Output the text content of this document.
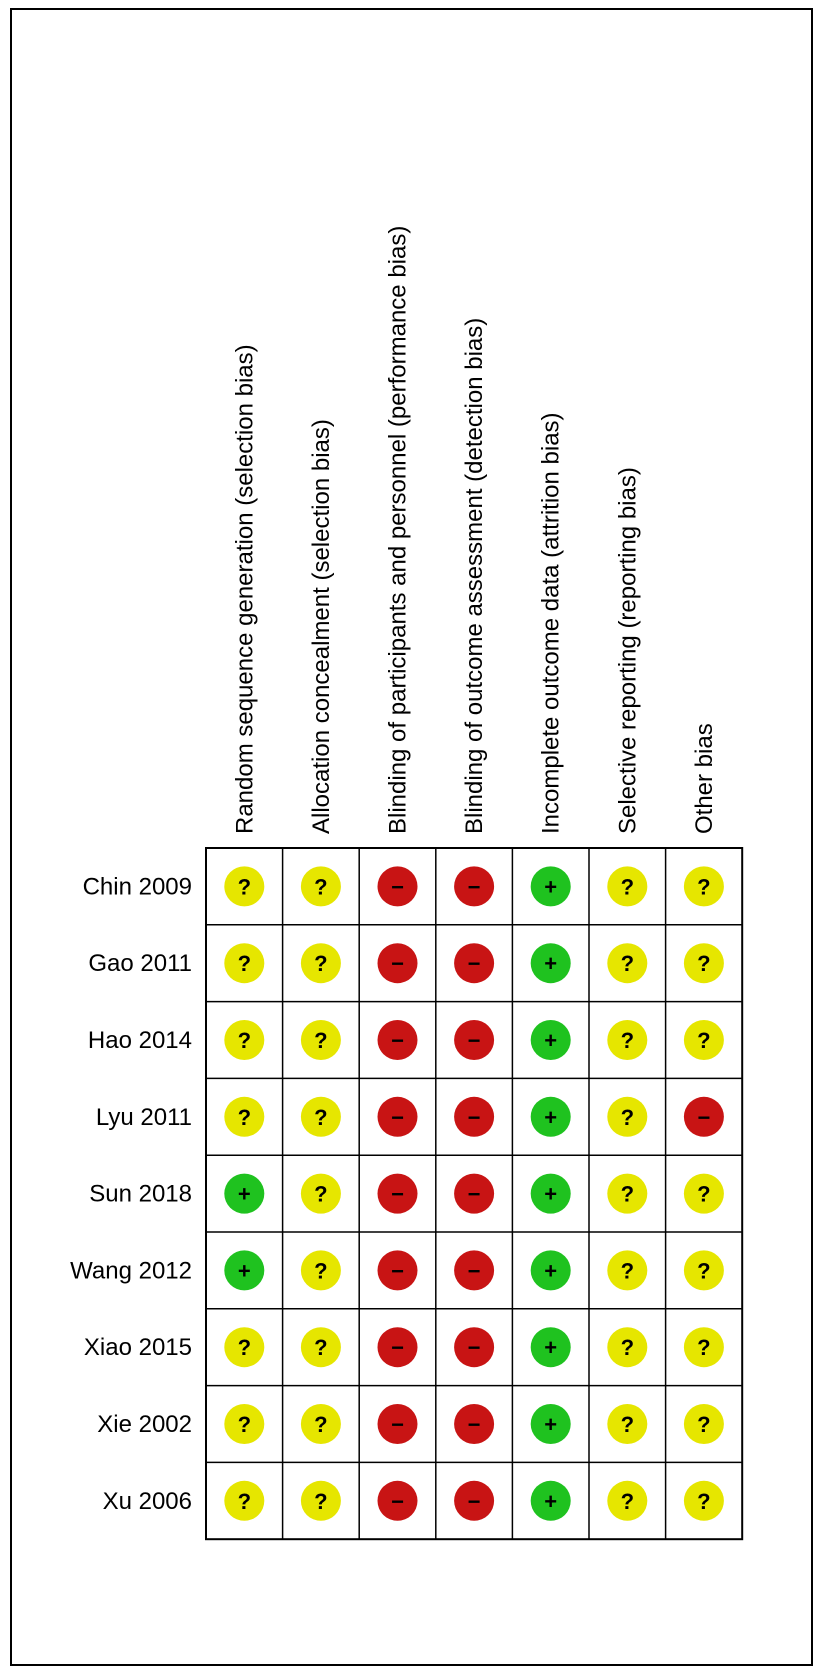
Random sequence generation (selection bias) Allocation concealment (selection bias) Blinding of participants and personnel (performance bias) Blinding of outcome assessment (detection bias) Incomplete outcome data (attrition bias) Selective reporting (reporting bias) Other bias
Chin 2009 ?	?	−	−	+	?	?
Gao 2011 ?	?	−	−	+	?	?
Hao 2014 ?	?	−	−	+	?	?
Lyu 2011 ?	?	−	−	+	?	−
Sun 2018 +	?	−	−	+	?	?
Wang 2012 +	?	−	−	+	?	?
Xiao 2015 ?	?	−	−	+	?	?
Xie 2002 ?	?	−	−	+	?	?
Xu 2006 ?	?	−	−	+	?	?
